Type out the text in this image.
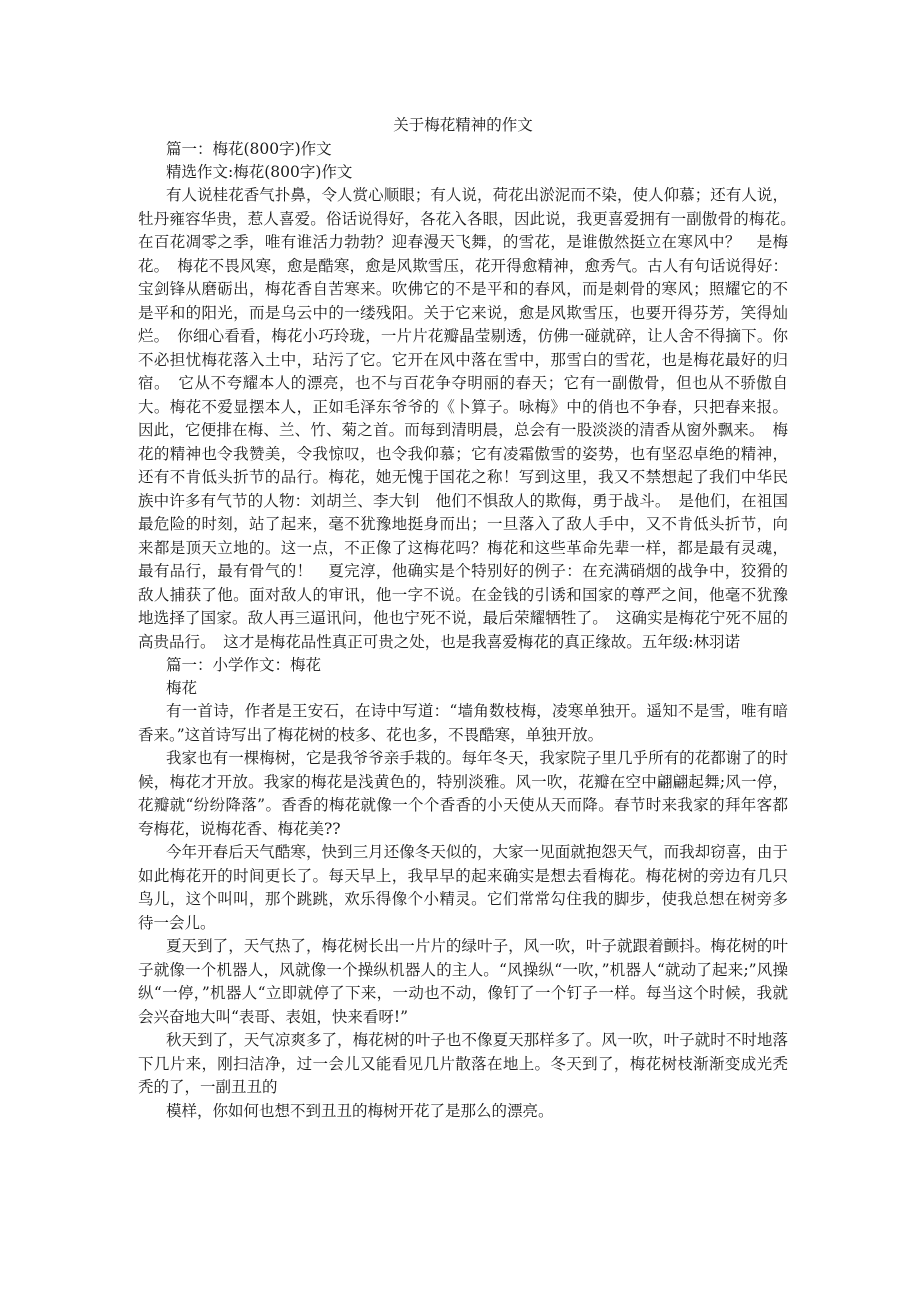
关于梅花精神的作文
篇一：梅花(800字)作文
精选作文:梅花(800字)作文
有人说桂花香气扑鼻，令人赏心顺眼；有人说，荷花出淤泥而不染，使人仰慕；还有人说，牡丹雍容华贵，惹人喜爱。俗话说得好，各花入各眼，因此说，我更喜爱拥有一副傲骨的梅花。　在百花凋零之季，唯有谁活力勃勃？迎春漫天飞舞，的雪花，是谁傲然挺立在寒风中？　是梅花。　梅花不畏风寒，愈是酷寒，愈是风欺雪压，花开得愈精神，愈秀气。古人有句话说得好：宝剑锋从磨砺出，梅花香自苦寒来。吹佛它的不是平和的春风，而是刺骨的寒风；照耀它的不是平和的阳光，而是乌云中的一缕残阳。关于它来说，愈是风欺雪压，也要开得芬芳，笑得灿烂。　你细心看看，梅花小巧玲珑，一片片花瓣晶莹剔透，仿佛一碰就碎，让人舍不得摘下。你不必担忧梅花落入土中，玷污了它。它开在风中落在雪中，那雪白的雪花，也是梅花最好的归宿。　它从不夸耀本人的漂亮，也不与百花争夺明丽的春天；它有一副傲骨，但也从不骄傲自大。梅花不爱显摆本人，正如毛泽东爷爷的《卜算子。咏梅》中的俏也不争春，只把春来报。因此，它便排在梅、兰、竹、菊之首。而每到清明晨，总会有一股淡淡的清香从窗外飘来。　梅花的精神也令我赞美，令我惊叹，也令我仰慕；它有凌霜傲雪的姿势，也有坚忍卓绝的精神，还有不肯低头折节的品行。梅花，她无愧于国花之称！写到这里，我又不禁想起了我们中华民族中许多有气节的人物：刘胡兰、李大钊　他们不惧敌人的欺侮，勇于战斗。　是他们，在祖国最危险的时刻，站了起来，毫不犹豫地挺身而出；一旦落入了敌人手中，又不肯低头折节，向来都是顶天立地的。这一点，不正像了这梅花吗？梅花和这些革命先辈一样，都是最有灵魂，最有品行，最有骨气的！　夏完淳，他确实是个特别好的例子：在充满硝烟的战争中，狡猾的敌人捕获了他。面对敌人的审讯，他一字不说。在金钱的引诱和国家的尊严之间，他毫不犹豫地选择了国家。敌人再三逼讯问，他也宁死不说，最后荣耀牺牲了。　这确实是梅花宁死不屈的高贵品行。　这才是梅花品性真正可贵之处，也是我喜爱梅花的真正缘故。五年级:林羽诺
篇一：小学作文：梅花
梅花
有一首诗，作者是王安石，在诗中写道：“墙角数枝梅，凌寒单独开。遥知不是雪，唯有暗香来。”这首诗写出了梅花树的枝多、花也多，不畏酷寒，单独开放。
我家也有一棵梅树，它是我爷爷亲手栽的。每年冬天，我家院子里几乎所有的花都谢了的时候，梅花才开放。我家的梅花是浅黄色的，特别淡雅。风一吹，花瓣在空中翩翩起舞;风一停，花瓣就“纷纷降落”。香香的梅花就像一个个香香的小天使从天而降。春节时来我家的拜年客都夸梅花，说梅花香、梅花美??
今年开春后天气酷寒，快到三月还像冬天似的，大家一见面就抱怨天气，而我却窃喜，由于如此梅花开的时间更长了。每天早上，我早早的起来确实是想去看梅花。梅花树的旁边有几只鸟儿，这个叫叫，那个跳跳，欢乐得像个小精灵。它们常常勾住我的脚步，使我总想在树旁多待一会儿。
夏天到了，天气热了，梅花树长出一片片的绿叶子，风一吹，叶子就跟着颤抖。梅花树的叶子就像一个机器人，风就像一个操纵机器人的主人。“风操纵“一吹，”机器人“就动了起来;”风操纵“一停，”机器人“立即就停了下来，一动也不动，像钉了一个钉子一样。每当这个时候，我就会兴奋地大叫“表哥、表姐，快来看呀!”
秋天到了，天气凉爽多了，梅花树的叶子也不像夏天那样多了。风一吹，叶子就时不时地落下几片来，刚扫洁净，过一会儿又能看见几片散落在地上。冬天到了，梅花树枝渐渐变成光秃秃的了，一副丑丑的
模样，你如何也想不到丑丑的梅树开花了是那么的漂亮。
